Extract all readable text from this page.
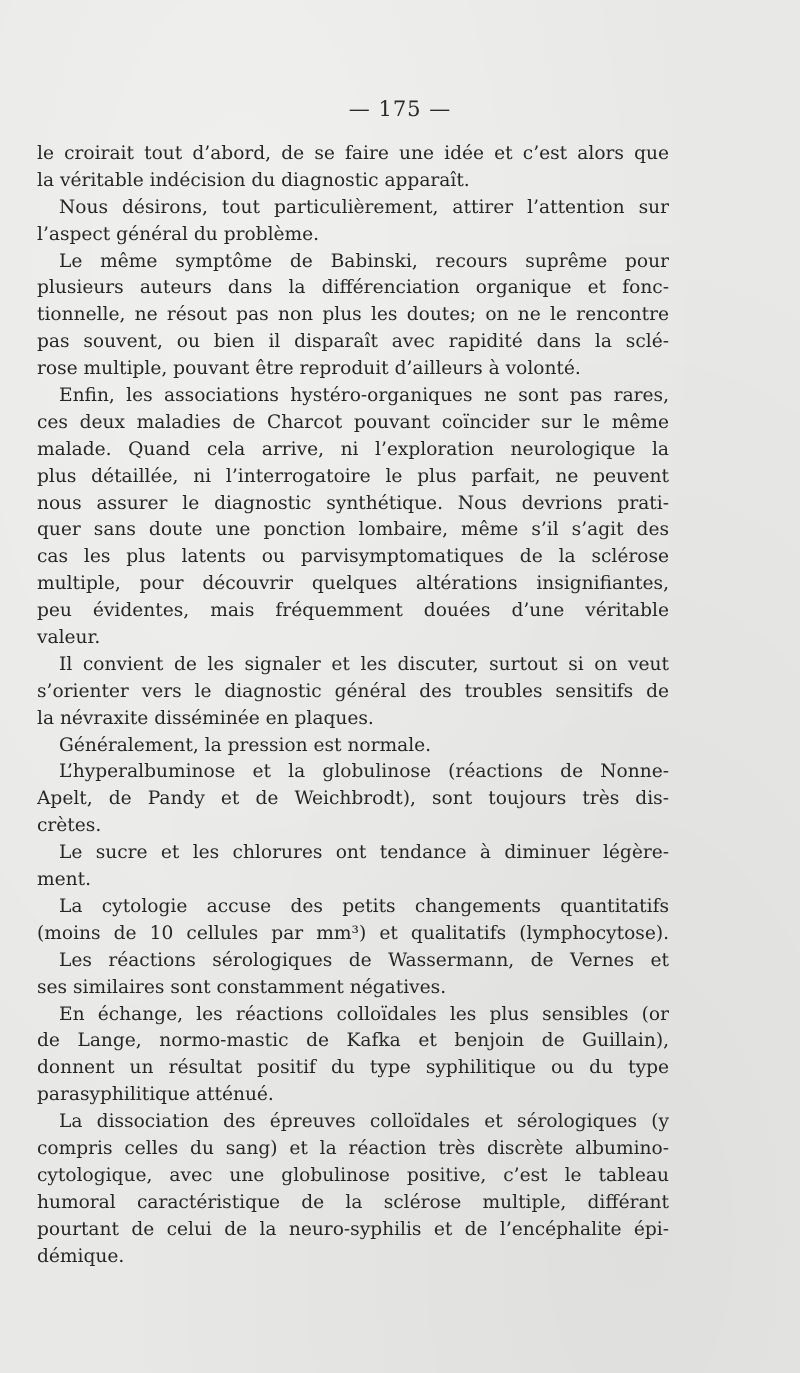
— 175 —
le croirait tout d’abord, de se faire une idée et c’est alors que
la véritable indécision du diagnostic apparaît.
Nous désirons, tout particulièrement, attirer l’attention sur
l’aspect général du problème.
Le même symptôme de Babinski, recours suprême pour
plusieurs auteurs dans la différenciation organique et fonc-
tionnelle, ne résout pas non plus les doutes; on ne le rencontre
pas souvent, ou bien il disparaît avec rapidité dans la sclé-
rose multiple, pouvant être reproduit d’ailleurs à volonté.
Enfin, les associations hystéro-organiques ne sont pas rares,
ces deux maladies de Charcot pouvant coïncider sur le même
malade. Quand cela arrive, ni l’exploration neurologique la
plus détaillée, ni l’interrogatoire le plus parfait, ne peuvent
nous assurer le diagnostic synthétique. Nous devrions prati-
quer sans doute une ponction lombaire, même s’il s’agit des
cas les plus latents ou parvisymptomatiques de la sclérose
multiple, pour découvrir quelques altérations insignifiantes,
peu évidentes, mais fréquemment douées d’une véritable
valeur.
Il convient de les signaler et les discuter, surtout si on veut
s’orienter vers le diagnostic général des troubles sensitifs de
la névraxite disséminée en plaques.
Généralement, la pression est normale.
L’hyperalbuminose et la globulinose (réactions de Nonne-
Apelt, de Pandy et de Weichbrodt), sont toujours très dis-
crètes.
Le sucre et les chlorures ont tendance à diminuer légère-
ment.
La cytologie accuse des petits changements quantitatifs
(moins de 10 cellules par mm³) et qualitatifs (lymphocytose).
Les réactions sérologiques de Wassermann, de Vernes et
ses similaires sont constamment négatives.
En échange, les réactions colloïdales les plus sensibles (or
de Lange, normo-mastic de Kafka et benjoin de Guillain),
donnent un résultat positif du type syphilitique ou du type
parasyphilitique atténué.
La dissociation des épreuves colloïdales et sérologiques (y
compris celles du sang) et la réaction très discrète albumino-
cytologique, avec une globulinose positive, c’est le tableau
humoral caractéristique de la sclérose multiple, différant
pourtant de celui de la neuro-syphilis et de l’encéphalite épi-
démique.
